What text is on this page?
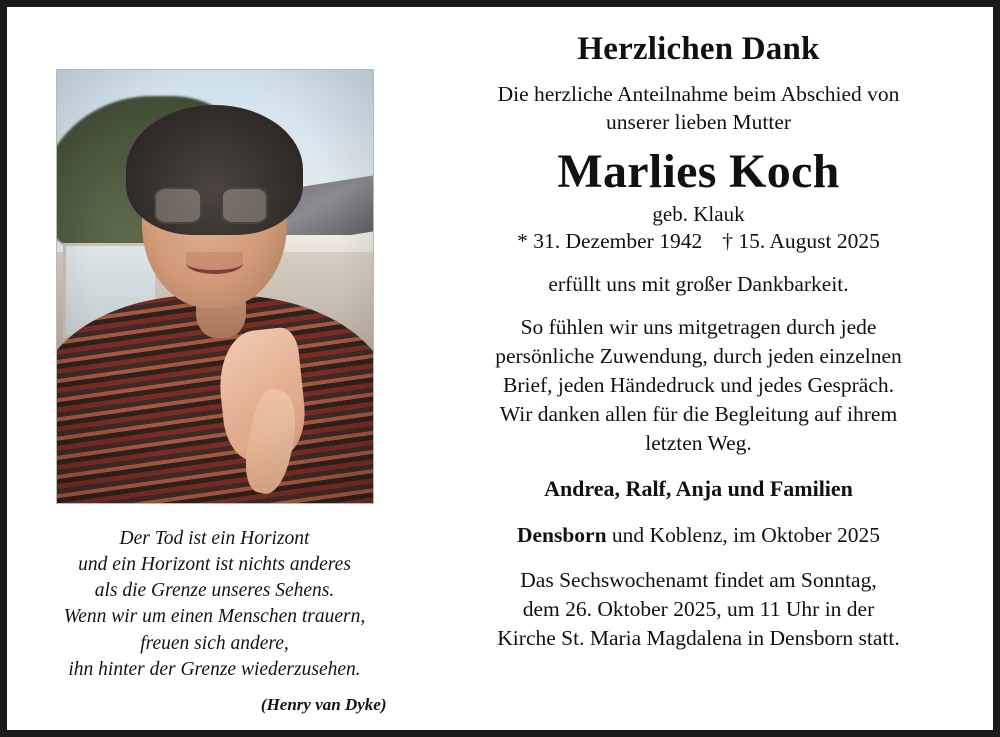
Der Tod ist ein Horizont
und ein Horizont ist nichts anderes
als die Grenze unseres Sehens.
Wenn wir um einen Menschen trauern,
freuen sich andere,
ihn hinter der Grenze wiederzusehen.
(Henry van Dyke)
Herzlichen Dank

Die herzliche Anteilnahme beim Abschied von
unserer lieben Mutter

Marlies Koch
geb. Klauk
* 31. Dezember 1942 † 15. August 2025

erfüllt uns mit großer Dankbarkeit.

So fühlen wir uns mitgetragen durch jede
persönliche Zuwendung, durch jeden einzelnen
Brief, jeden Händedruck und jedes Gespräch.
Wir danken allen für die Begleitung auf ihrem
letzten Weg.

Andrea, Ralf, Anja und Familien

Densborn und Koblenz, im Oktober 2025

Das Sechswochenamt findet am Sonntag,
dem 26. Oktober 2025, um 11 Uhr in der
Kirche St. Maria Magdalena in Densborn statt.
